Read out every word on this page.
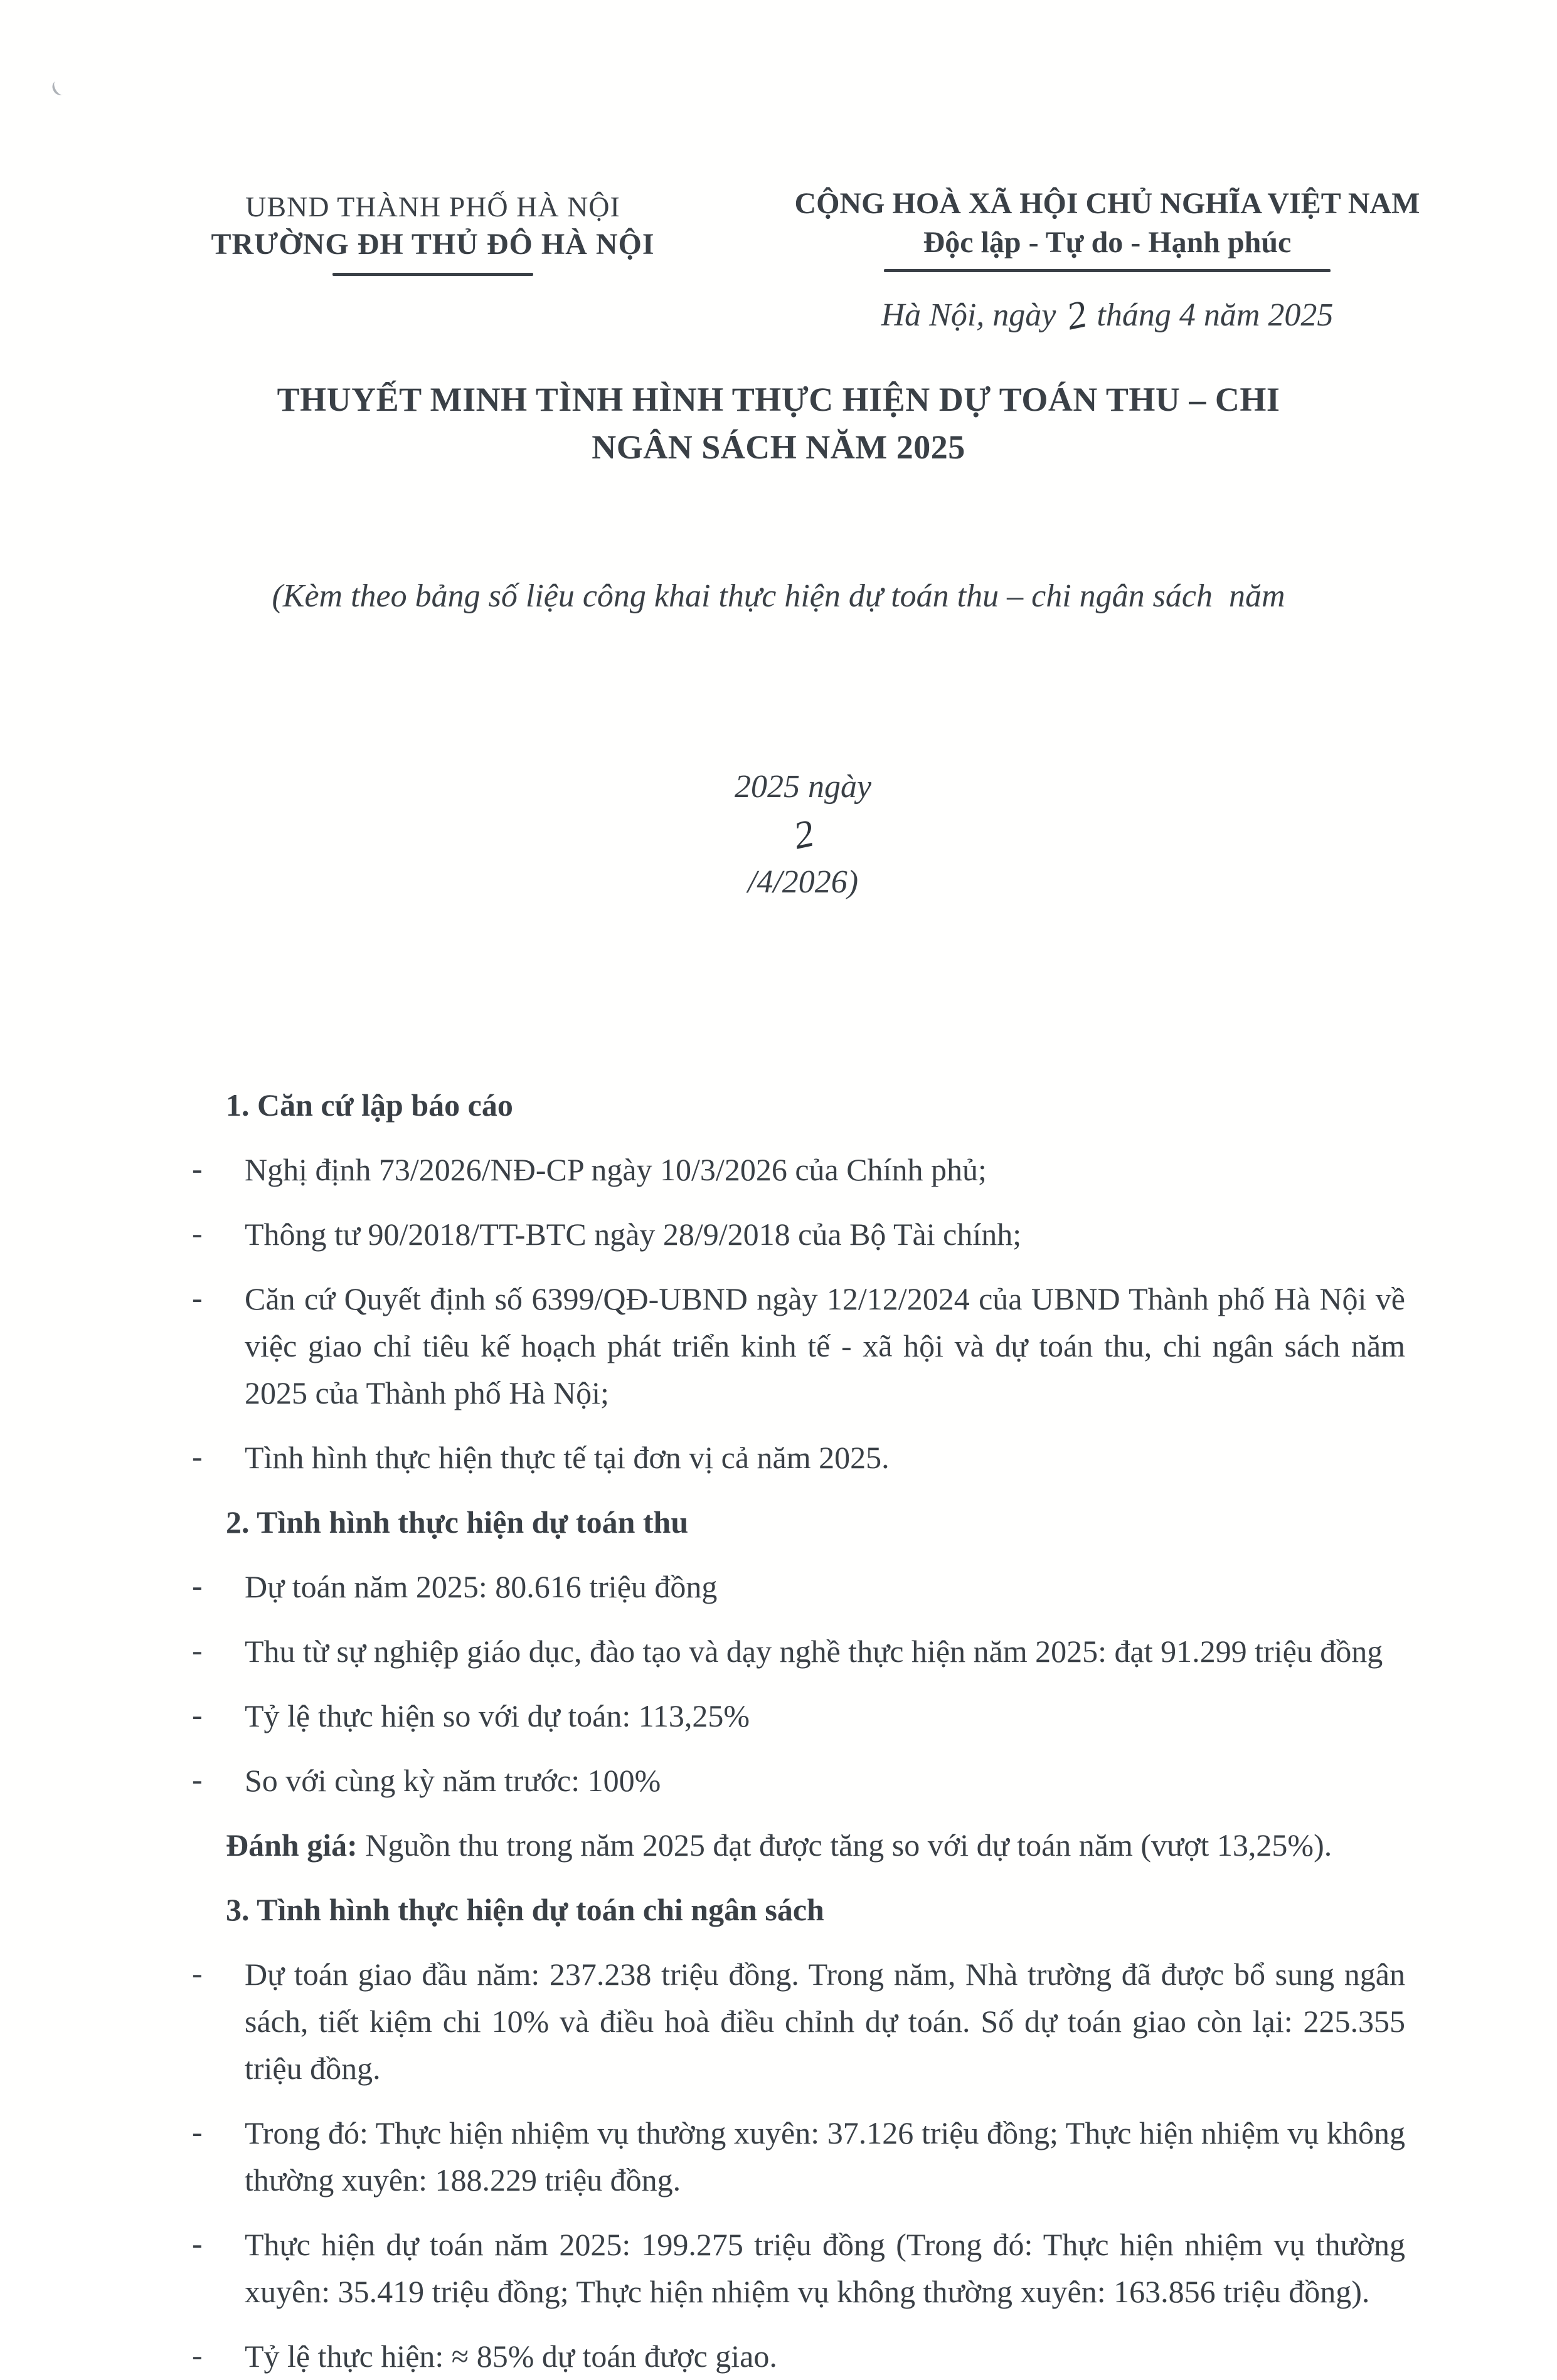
UBND THÀNH PHỐ HÀ NỘI
TRƯỜNG ĐH THỦ ĐÔ HÀ NỘI
CỘNG HOÀ XÃ HỘI CHỦ NGHĨA VIỆT NAM
Độc lập - Tự do - Hạnh phúc
Hà Nội, ngày 2 tháng 4 năm 2025
THUYẾT MINH TÌNH HÌNH THỰC HIỆN DỰ TOÁN THU – CHI
NGÂN SÁCH NĂM 2025

(Kèm theo bảng số liệu công khai thực hiện dự toán thu – chi ngân sách  năm

2025 ngày
2
/4/2026)

1. Căn cứ lập báo cáo

- Nghị định 73/2026/NĐ-CP ngày 10/3/2026 của Chính phủ;

- Thông tư 90/2018/TT-BTC ngày 28/9/2018 của Bộ Tài chính;

- Căn cứ Quyết định số 6399/QĐ-UBND ngày 12/12/2024 của UBND Thành phố Hà Nội về việc giao chỉ tiêu kế hoạch phát triển kinh tế - xã hội và dự toán thu, chi ngân sách năm 2025 của Thành phố Hà Nội;

- Tình hình thực hiện thực tế tại đơn vị cả năm 2025.

2. Tình hình thực hiện dự toán thu

- Dự toán năm 2025: 80.616 triệu đồng

- Thu từ sự nghiệp giáo dục, đào tạo và dạy nghề thực hiện năm 2025: đạt 91.299 triệu đồng

- Tỷ lệ thực hiện so với dự toán: 113,25%

- So với cùng kỳ năm trước: 100%

Đánh giá: Nguồn thu trong năm 2025 đạt được tăng so với dự toán năm (vượt 13,25%).

3. Tình hình thực hiện dự toán chi ngân sách

- Dự toán giao đầu năm: 237.238 triệu đồng. Trong năm, Nhà trường đã được bổ sung ngân sách, tiết kiệm chi 10% và điều hoà điều chỉnh dự toán. Số dự toán giao còn lại: 225.355 triệu đồng.

- Trong đó: Thực hiện nhiệm vụ thường xuyên: 37.126 triệu đồng; Thực hiện nhiệm vụ không thường xuyên: 188.229 triệu đồng.

- Thực hiện dự toán năm 2025: 199.275 triệu đồng (Trong đó: Thực hiện nhiệm vụ thường xuyên: 35.419 triệu đồng; Thực hiện nhiệm vụ không thường xuyên: 163.856 triệu đồng).

- Tỷ lệ thực hiện: ≈ 85% dự toán được giao.
